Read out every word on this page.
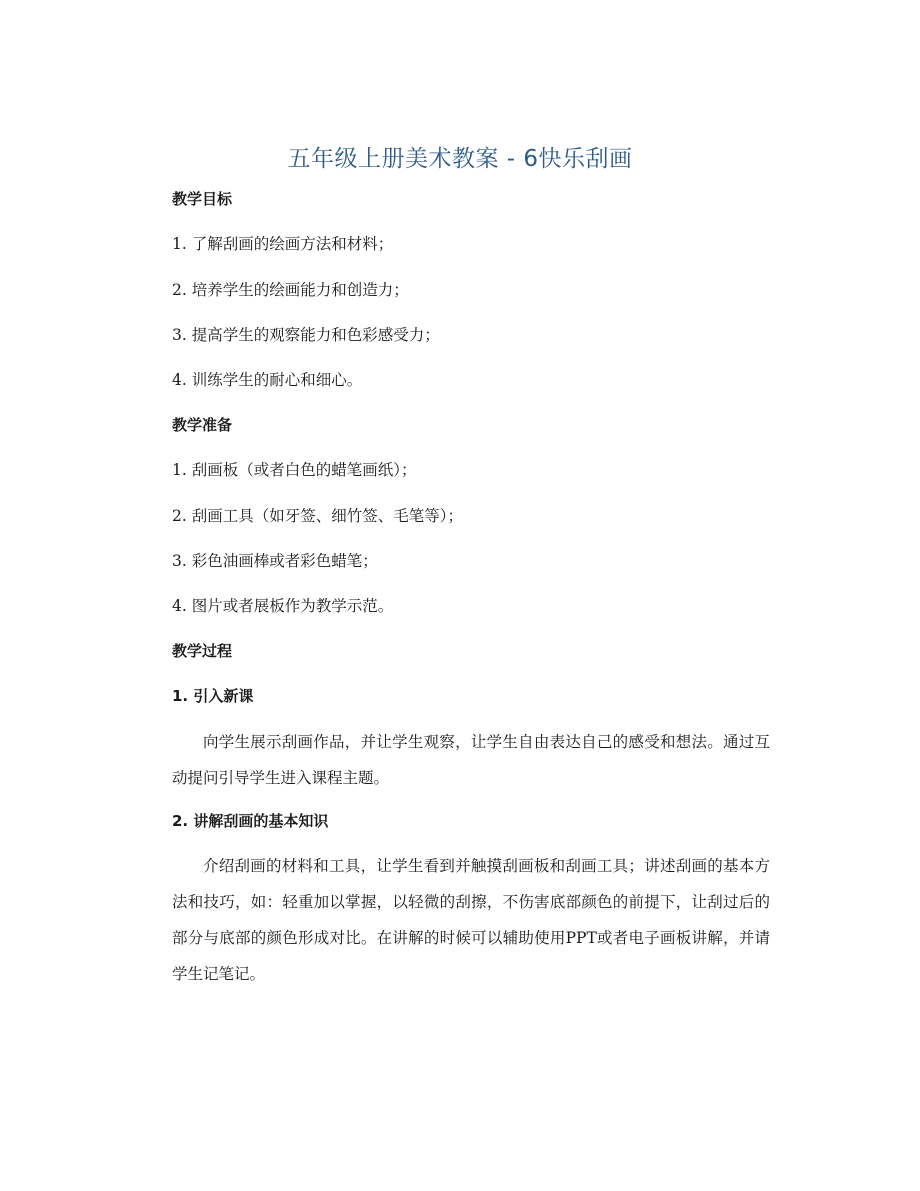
五年级上册美术教案 - 6快乐刮画
教学目标
1. 了解刮画的绘画方法和材料；
2. 培养学生的绘画能力和创造力；
3. 提高学生的观察能力和色彩感受力；
4. 训练学生的耐心和细心。
教学准备
1. 刮画板（或者白色的蜡笔画纸）；
2. 刮画工具（如牙签、细竹签、毛笔等）；
3. 彩色油画棒或者彩色蜡笔；
4. 图片或者展板作为教学示范。
教学过程
1. 引入新课
向学生展示刮画作品，并让学生观察，让学生自由表达自己的感受和想法。通过互动提问引导学生进入课程主题。
2. 讲解刮画的基本知识
介绍刮画的材料和工具，让学生看到并触摸刮画板和刮画工具；讲述刮画的基本方法和技巧，如：轻重加以掌握，以轻微的刮擦，不伤害底部颜色的前提下，让刮过后的部分与底部的颜色形成对比。在讲解的时候可以辅助使用PPT或者电子画板讲解，并请学生记笔记。
